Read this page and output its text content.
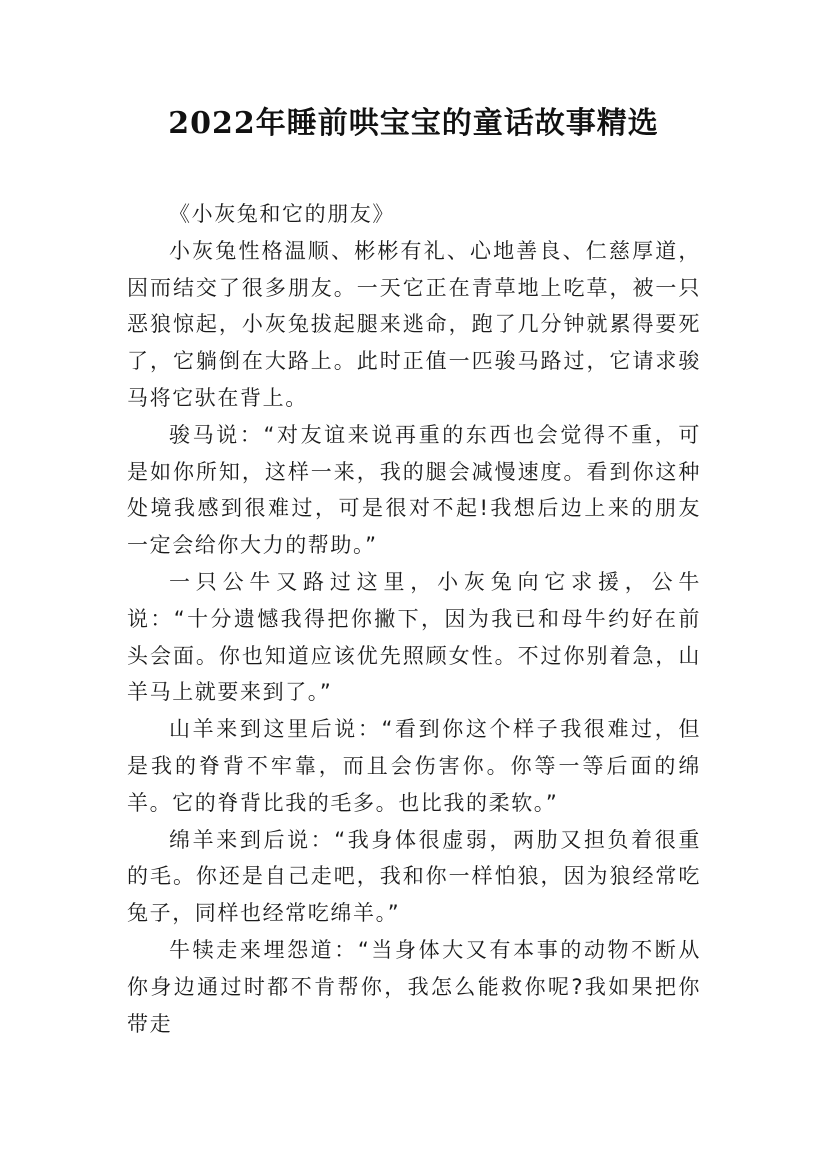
2022年睡前哄宝宝的童话故事精选

《小灰兔和它的朋友》

小灰兔性格温顺、彬彬有礼、心地善良、仁慈厚道，因而结交了很多朋友。一天它正在青草地上吃草，被一只恶狼惊起，小灰兔拔起腿来逃命，跑了几分钟就累得要死了，它躺倒在大路上。此时正值一匹骏马路过，它请求骏马将它驮在背上。

骏马说：“对友谊来说再重的东西也会觉得不重，可是如你所知，这样一来，我的腿会减慢速度。看到你这种处境我感到很难过，可是很对不起!我想后边上来的朋友一定会给你大力的帮助。”

一只公牛又路过这里，小灰兔向它求援，公牛说：“十分遗憾我得把你撇下，因为我已和母牛约好在前头会面。你也知道应该优先照顾女性。不过你别着急，山羊马上就要来到了。”

山羊来到这里后说：“看到你这个样子我很难过，但是我的脊背不牢靠，而且会伤害你。你等一等后面的绵羊。它的脊背比我的毛多。也比我的柔软。”

绵羊来到后说：“我身体很虚弱，两肋又担负着很重的毛。你还是自己走吧，我和你一样怕狼，因为狼经常吃兔子，同样也经常吃绵羊。”

牛犊走来埋怨道：“当身体大又有本事的动物不断从你身边通过时都不肯帮你，我怎么能救你呢?我如果把你带走
